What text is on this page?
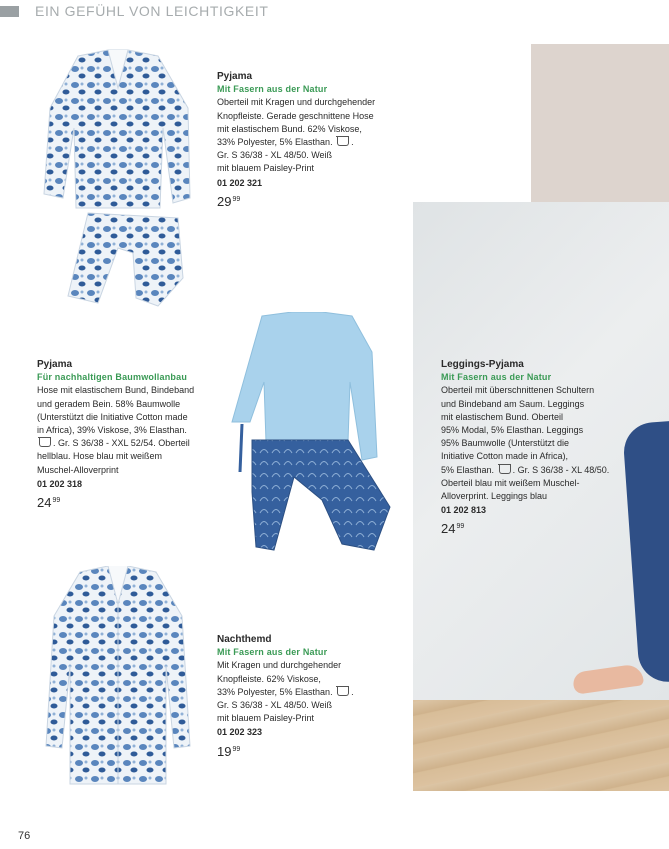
EIN GEFÜHL VON LEICHTIGKEIT
Pyjama
Mit Fasern aus der Natur
Oberteil mit Kragen und durchgehender
Knopfleiste. Gerade geschnittene Hose
mit elastischem Bund. 62% Viskose,
33% Polyester, 5% Elasthan. .
Gr. S 36/38 - XL 48/50. Weiß
mit blauem Paisley-Print
01 202 321
$29^{99}$
Pyjama
Für nachhaltigen Baumwollanbau
Hose mit elastischem Bund, Bindeband
und geradem Bein. 58% Baumwolle
(Unterstützt die Initiative Cotton made
in Africa), 39% Viskose, 3% Elasthan.
. Gr. S 36/38 - XXL 52/54. Oberteil
hellblau. Hose blau mit weißem
Muschel-Alloverprint
01 202 318
$24^{99}$
Leggings-Pyjama
Mit Fasern aus der Natur
Oberteil mit überschnittenen Schultern
und Bindeband am Saum. Leggings
mit elastischem Bund. Oberteil
95% Modal, 5% Elasthan. Leggings
95% Baumwolle (Unterstützt die
Initiative Cotton made in Africa),
5% Elasthan. . Gr. S 36/38 - XL 48/50.
Oberteil blau mit weißem Muschel-
Alloverprint. Leggings blau
01 202 813
$24^{99}$
Nachthemd
Mit Fasern aus der Natur
Mit Kragen und durchgehender
Knopfleiste. 62% Viskose,
33% Polyester, 5% Elasthan. .
Gr. S 36/38 - XL 48/50. Weiß
mit blauem Paisley-Print
01 202 323
$19^{99}$
76
